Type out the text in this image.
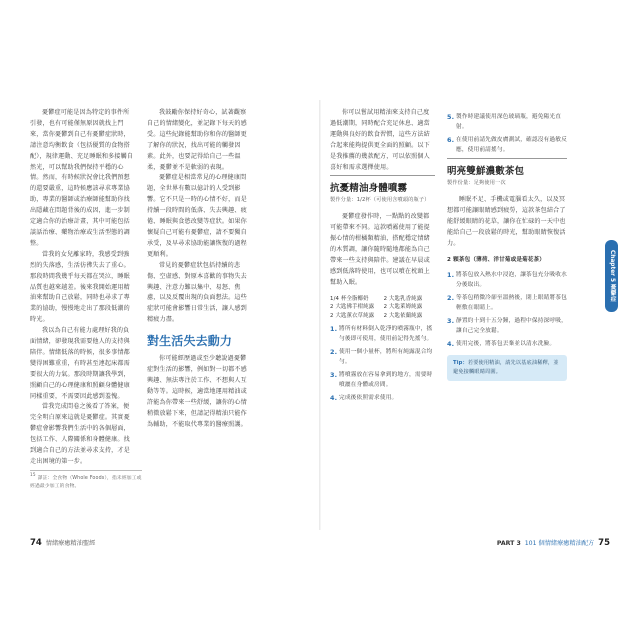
憂鬱症可能是因為特定的事件所引發，也有可能僅無原因就找上門來，當你憂鬱到自己有憂鬱症狀時，請注意均衡飲食（包括優質的食物搭配），規律運動、充足睡眠和多接觸自然光，可以幫助我們保持平穩的心情。然而，有時候狀況會比我們預想的還要嚴重，這時候應該尋求專業協助，專業的醫師或治療師能幫助你找出隱藏在問題背後的成因，進一步制定適合你的治療計畫，其中可能包括談話治療、藥物治療或生活型態的調整。

當我的女兒離家時，我感受到強烈的失落感，生活彷彿失去了重心。那段時間我幾乎每天都在哭泣，睡眠品質也越來越差。後來我開始運用精油來幫助自己放鬆，同時也尋求了專業的協助，慢慢地走出了那段低潮的時光。

我以為自己有能力處理好我的負面情緒，卻發現我需要他人的支持與陪伴。情緒低落的時候，很多事情都變得困難重重，有時甚至連起床都需要很大的力氣。那段時期讓我學到，照顧自己的心理健康和照顧身體健康同樣重要，不需要因此感到羞愧。

當我完成問卷之後看了答案，便完全明白原來這就是憂鬱症。其實憂鬱症會影響我們生活中的各個層面，包括工作、人際關係和身體健康。找到適合自己的方法並尋求支持，才是走出困境的第一步。

15譯註：全食物（Whole Foods），指未經加工或經過最少加工的食物。

我鼓勵你保持好奇心，試著觀察自己的情緒變化，並記錄下每天的感受。這些紀錄能幫助你和你的醫師更了解你的狀況，找出可能的觸發因素。此外，也要記得給自己一些溫柔，憂鬱並不是軟弱的表現。

憂鬱症是相當常見的心理健康問題，全世界有數以億計的人受到影響。它不只是一時的心情不好，而是持續一段時間的低落、失去興趣、疲倦、睡眠與食慾改變等症狀。如果你懷疑自己可能有憂鬱症，請不要獨自承受，及早尋求協助能讓恢復的過程更順利。

常見的憂鬱症狀包括持續的悲傷、空虛感、對原本喜歡的事物失去興趣、注意力難以集中、易怒、焦慮，以及反覆出現的負面想法。這些症狀可能會影響日常生活，讓人感到精疲力盡。

對生活失去動力

你可能經歷過或至少聽說過憂鬱症對生活的影響，例如對一切都不感興趣、無法專注於工作、不想與人互動等等。這時候，適當地運用精油或許能為你帶來一些舒緩，讓你的心情稍微放鬆下來，但請記得精油只能作為輔助，不能取代專業的醫療照護。

你可以嘗試用精油來支持自己度過低潮期，同時配合充足休息、適當運動與良好的飲食習慣，這些方法結合起來能夠提供更全面的照顧。以下是我推薦的幾款配方，可以依照個人喜好和需求選擇使用。

抗憂精油身體噴霧
製作分量：1/2杯（可使用含噴頭的瓶子）

憂鬱症發作時，一點點的改變都可能帶來不同。這款噴霧使用了能提振心情的柑橘類精油，搭配穩定情緒的木質調，讓你隨時隨地都能為自己帶來一些支持與陪伴。建議在早晨或感到低落時使用，也可以噴在枕頭上幫助入眠。

1/4 杯全脂椰奶	2 大匙乳香純露
2 大匙佛手柑純露	2 大匙萊姆純露
2 大匙薰衣草純露	2 大匙依蘭純露
1. 將所有材料倒入乾淨的噴霧瓶中，搖勻後即可使用，使用前記得先搖勻。
2. 使用一個小量杯，將所有純露混合均勻。
3. 將噴霧放在容易拿到的地方，需要時噴灑在身體或房間。
4. 完成後依照需求使用。
5. 製作時建議使用深色玻璃瓶，避免陽光直射。
6. 在使用前請先做皮膚測試，確認沒有過敏反應，使用前請搖勻。
明亮雙鮮濃數茶包
製作份量：足夠使用一次

睡眠不足、手機或電腦看太久，以及冥想都可能讓眼睛感到疲勞，這款茶包結合了能舒緩眼睛的花草，讓你在忙碌的一天中也能給自己一段放鬆的時光，幫助眼睛恢復活力。

2 顆茶包（薄荷、洋甘菊或是菊花茶）
1. 將茶包放入熱水中浸泡，讓茶包充分吸收水分後取出。
2. 等茶包稍微冷卻至溫熱後，閉上眼睛將茶包輕敷在眼睛上。
3. 靜置約十到十五分鐘，過程中保持深呼吸，讓自己完全放鬆。
4. 使用完後，將茶包丟棄並以清水洗臉。
Tip：若要使用精油，請先以基底油稀釋，並避免接觸眼睛周圍。
Chapter 5 憂鬱症
74 情緒療癒精油聖經	PART 3 101 個情緒療癒精油配方 75
